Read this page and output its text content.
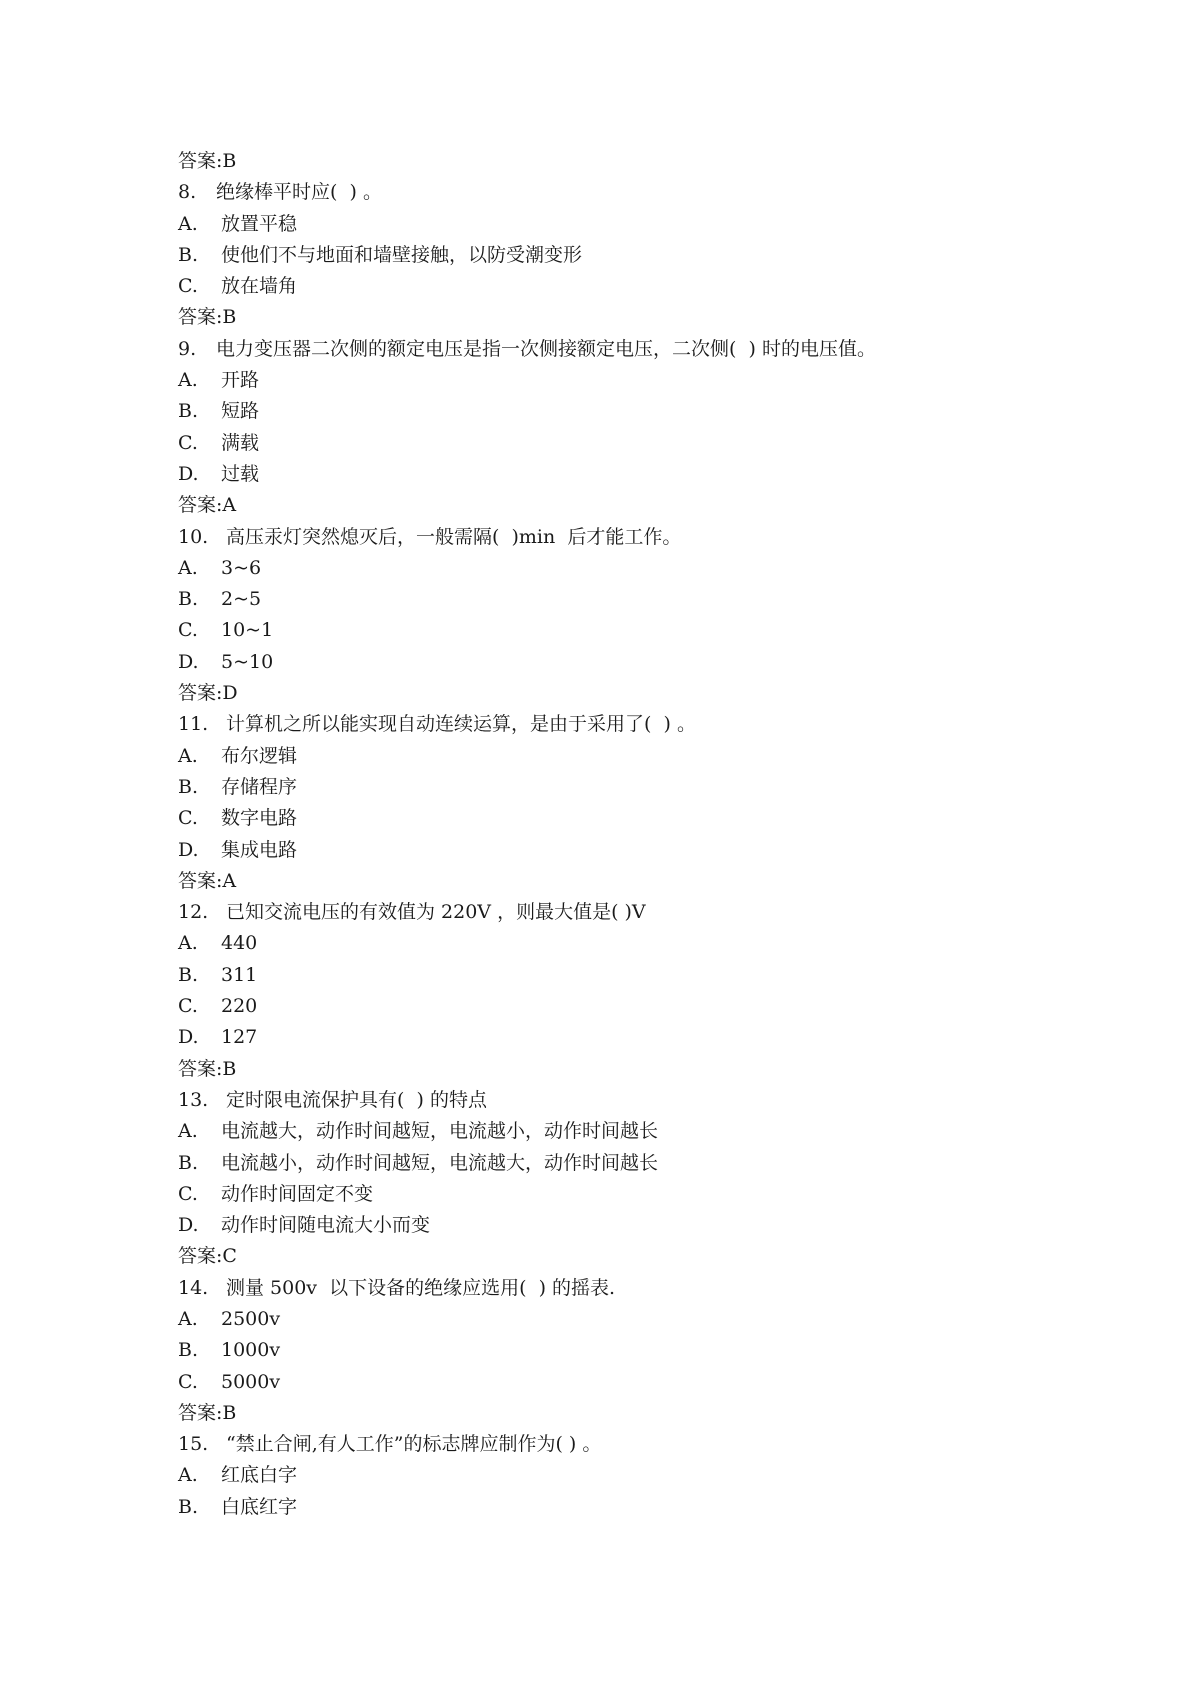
答案: B
8.	绝缘棒平时应(  ) 。
A.	放置平稳
B.	使他们不与地面和墙壁接触，以防受潮变形
C.	放在墙角
答案: B
9.	电力变压器二次侧的额定电压是指一次侧接额定电压，二次侧(  ) 时的电压值。
A.	开路
B.	短路
C.	满载
D.	过载
答案: A
10. 高压汞灯突然熄灭后，一般需隔(  )min  后才能工作。
A.	3~6
B.	2~5
C.	10~1
D.	5~10
答案: D
11. 计算机之所以能实现自动连续运算，是由于采用了(  ) 。
A.	布尔逻辑
B.	存储程序
C.	数字电路
D.	集成电路
答案: A
12. 已知交流电压的有效值为 220V ，则最大值是( )V
A.	440
B.	311
C.	220
D.	127
答案: B
13. 定时限电流保护具有(  ) 的特点
A.	电流越大，动作时间越短，电流越小，动作时间越长
B.	电流越小，动作时间越短，电流越大，动作时间越长
C.	动作时间固定不变
D.	动作时间随电流大小而变
答案: C
14. 测量 500v  以下设备的绝缘应选用(  ) 的摇表.
A.	2500v
B.	1000v
C.	5000v
答案: B
15. “禁止合闸,有人工作”的标志牌应制作为( ) 。
A.	红底白字
B.	白底红字
